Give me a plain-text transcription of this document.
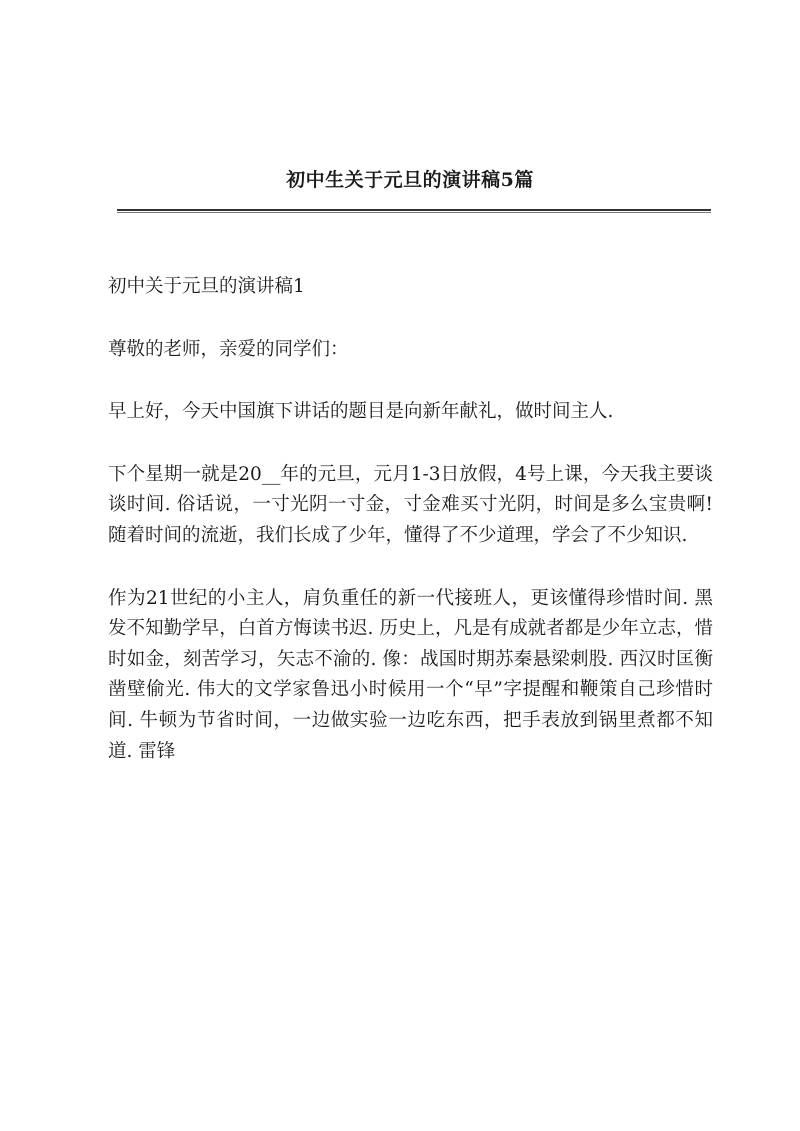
初中生关于元旦的演讲稿5篇

初中关于元旦的演讲稿1

尊敬的老师，亲爱的同学们：

早上好，今天中国旗下讲话的题目是向新年献礼，做时间主人.

下个星期一就是20__年的元旦，元月1-3日放假，4号上课，今天我主要谈谈时间. 俗话说，一寸光阴一寸金，寸金难买寸光阴，时间是多么宝贵啊!随着时间的流逝，我们长成了少年，懂得了不少道理，学会了不少知识.

作为21世纪的小主人，肩负重任的新一代接班人，更该懂得珍惜时间. 黑发不知勤学早，白首方悔读书迟. 历史上，凡是有成就者都是少年立志，惜时如金，刻苦学习，矢志不渝的. 像：战国时期苏秦悬梁刺股. 西汉时匡衡凿壁偷光. 伟大的文学家鲁迅小时候用一个“早”字提醒和鞭策自己珍惜时间. 牛顿为节省时间，一边做实验一边吃东西，把手表放到锅里煮都不知道. 雷锋
